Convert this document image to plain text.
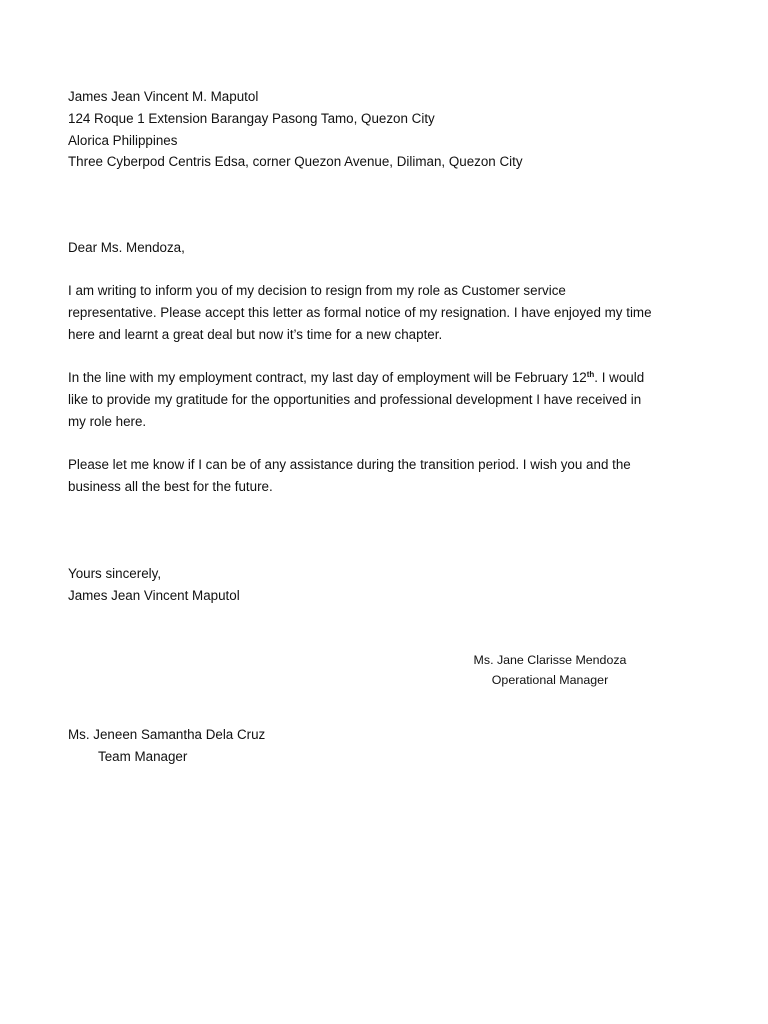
James Jean Vincent M. Maputol
124 Roque 1 Extension Barangay Pasong Tamo, Quezon City
Alorica Philippines
Three Cyberpod Centris Edsa, corner Quezon Avenue, Diliman, Quezon City
Dear Ms. Mendoza,
I am writing to inform you of my decision to resign from my role as Customer service
representative. Please accept this letter as formal notice of my resignation. I have enjoyed my time
here and learnt a great deal but now it’s time for a new chapter.
In the line with my employment contract, my last day of employment will be February 12th. I would
like to provide my gratitude for the opportunities and professional development I have received in
my role here.
Please let me know if I can be of any assistance during the transition period. I wish you and the
business all the best for the future.
Yours sincerely,
James Jean Vincent Maputol
Ms. Jane Clarisse Mendoza
Operational Manager
Ms. Jeneen Samantha Dela Cruz
Team Manager
